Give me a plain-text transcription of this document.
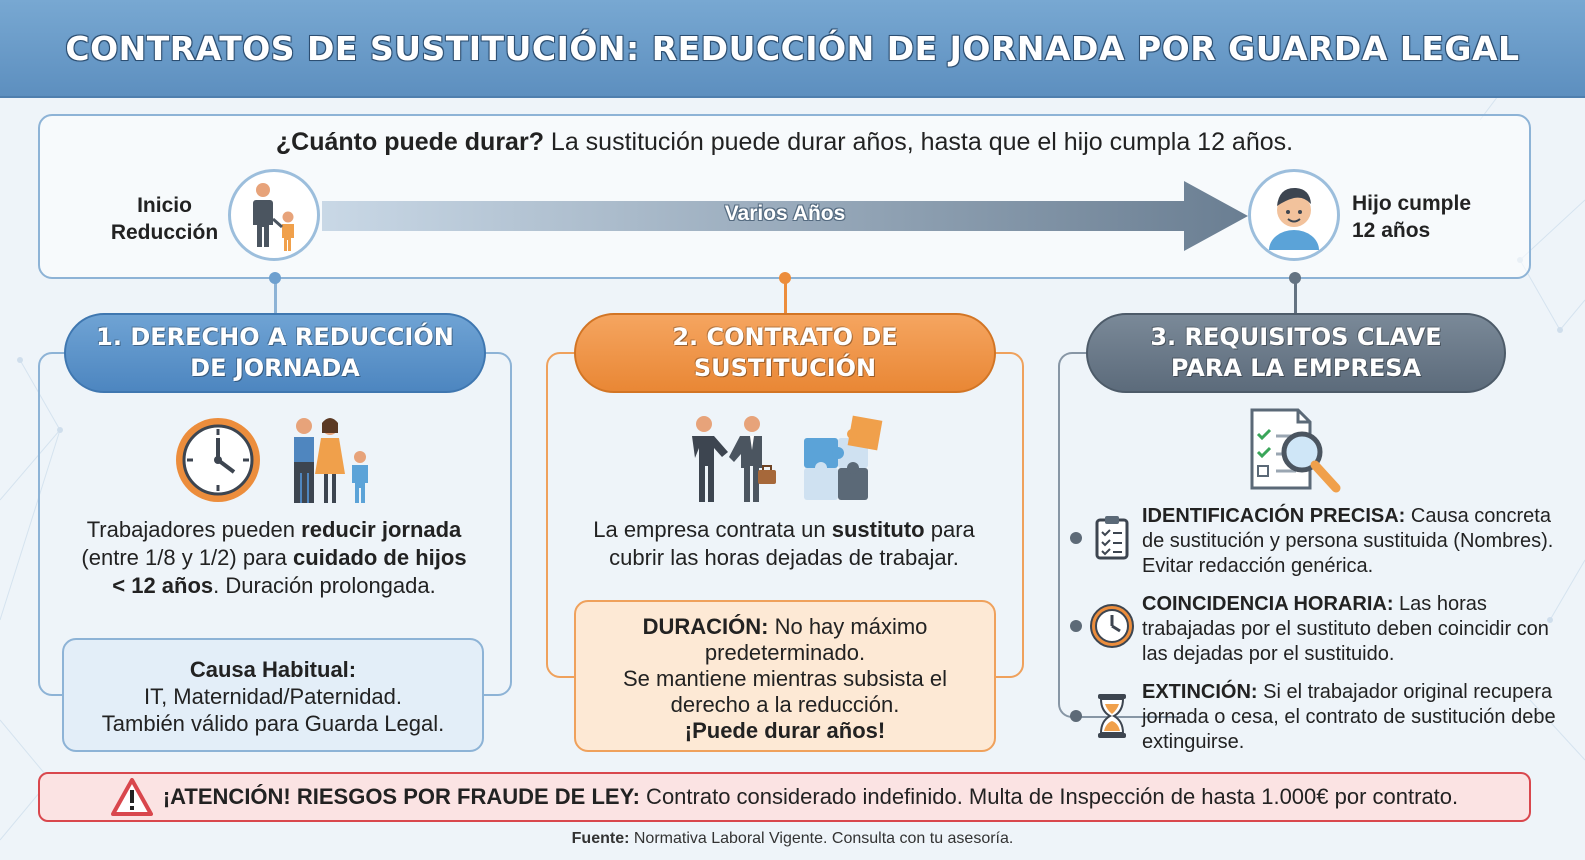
CONTRATOS DE SUSTITUCIÓN: REDUCCIÓN DE JORNADA POR GUARDA LEGAL
¿Cuánto puede durar? La sustitución puede durar años, hasta que el hijo cumpla 12 años.
Inicio
Reducción
Varios Años	Hijo cumple
12 años
1. DERECHO A REDUCCIÓN
DE JORNADA
Trabajadores pueden reducir jornada
(entre 1/8 y 1/2) para cuidado de hijos
< 12 años. Duración prolongada.
Causa Habitual:
IT, Maternidad/Paternidad.
También válido para Guarda Legal.
2. CONTRATO DE
SUSTITUCIÓN
La empresa contrata un sustituto para
cubrir las horas dejadas de trabajar.
DURACIÓN: No hay máximo
predeterminado.
Se mantiene mientras subsista el
derecho a la reducción.
¡Puede durar años!
3. REQUISITOS CLAVE
PARA LA EMPRESA
IDENTIFICACIÓN PRECISA: Causa concreta de sustitución y persona sustituida (Nombres). Evitar redacción genérica.
COINCIDENCIA HORARIA: Las horas trabajadas por el sustituto deben coincidir con las dejadas por el sustituido.
EXTINCIÓN: Si el trabajador original recupera jornada o cesa, el contrato de sustitución debe extinguirse.
¡ATENCIÓN! RIESGOS POR FRAUDE DE LEY: Contrato considerado indefinido. Multa de Inspección de hasta 1.000€ por contrato.
Fuente: Normativa Laboral Vigente. Consulta con tu asesoría.
